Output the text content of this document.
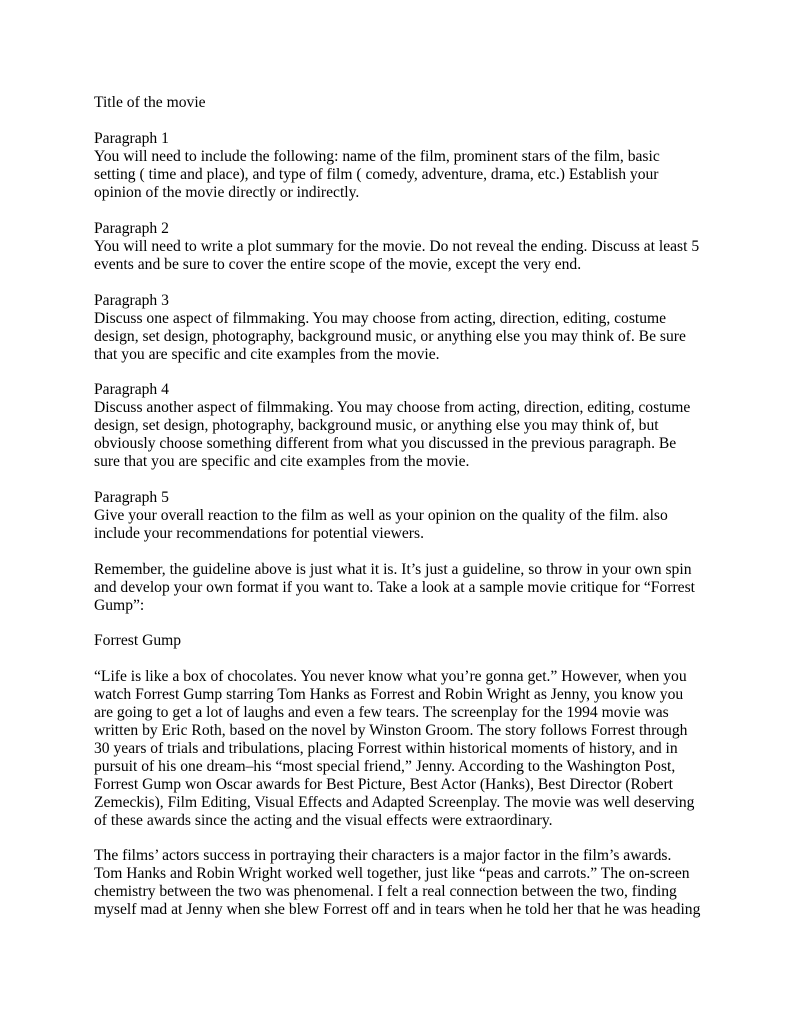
Title of the movie

Paragraph 1

You will need to include the following: name of the film, prominent stars of the film, basic

setting ( time and place), and type of film ( comedy, adventure, drama, etc.) Establish your

opinion of the movie directly or indirectly.

Paragraph 2

You will need to write a plot summary for the movie. Do not reveal the ending. Discuss at least 5

events and be sure to cover the entire scope of the movie, except the very end.

Paragraph 3

Discuss one aspect of filmmaking. You may choose from acting, direction, editing, costume

design, set design, photography, background music, or anything else you may think of. Be sure

that you are specific and cite examples from the movie.

Paragraph 4

Discuss another aspect of filmmaking. You may choose from acting, direction, editing, costume

design, set design, photography, background music, or anything else you may think of, but

obviously choose something different from what you discussed in the previous paragraph. Be

sure that you are specific and cite examples from the movie.

Paragraph 5

Give your overall reaction to the film as well as your opinion on the quality of the film. also

include your recommendations for potential viewers.

Remember, the guideline above is just what it is. It’s just a guideline, so throw in your own spin

and develop your own format if you want to. Take a look at a sample movie critique for “Forrest

Gump”:

Forrest Gump

“Life is like a box of chocolates. You never know what you’re gonna get.” However, when you

watch Forrest Gump starring Tom Hanks as Forrest and Robin Wright as Jenny, you know you

are going to get a lot of laughs and even a few tears. The screenplay for the 1994 movie was

written by Eric Roth, based on the novel by Winston Groom. The story follows Forrest through

30 years of trials and tribulations, placing Forrest within historical moments of history, and in

pursuit of his one dream–his “most special friend,” Jenny. According to the Washington Post,

Forrest Gump won Oscar awards for Best Picture, Best Actor (Hanks), Best Director (Robert

Zemeckis), Film Editing, Visual Effects and Adapted Screenplay. The movie was well deserving

of these awards since the acting and the visual effects were extraordinary.

The films’ actors success in portraying their characters is a major factor in the film’s awards.

Tom Hanks and Robin Wright worked well together, just like “peas and carrots.” The on-screen

chemistry between the two was phenomenal. I felt a real connection between the two, finding

myself mad at Jenny when she blew Forrest off and in tears when he told her that he was heading
